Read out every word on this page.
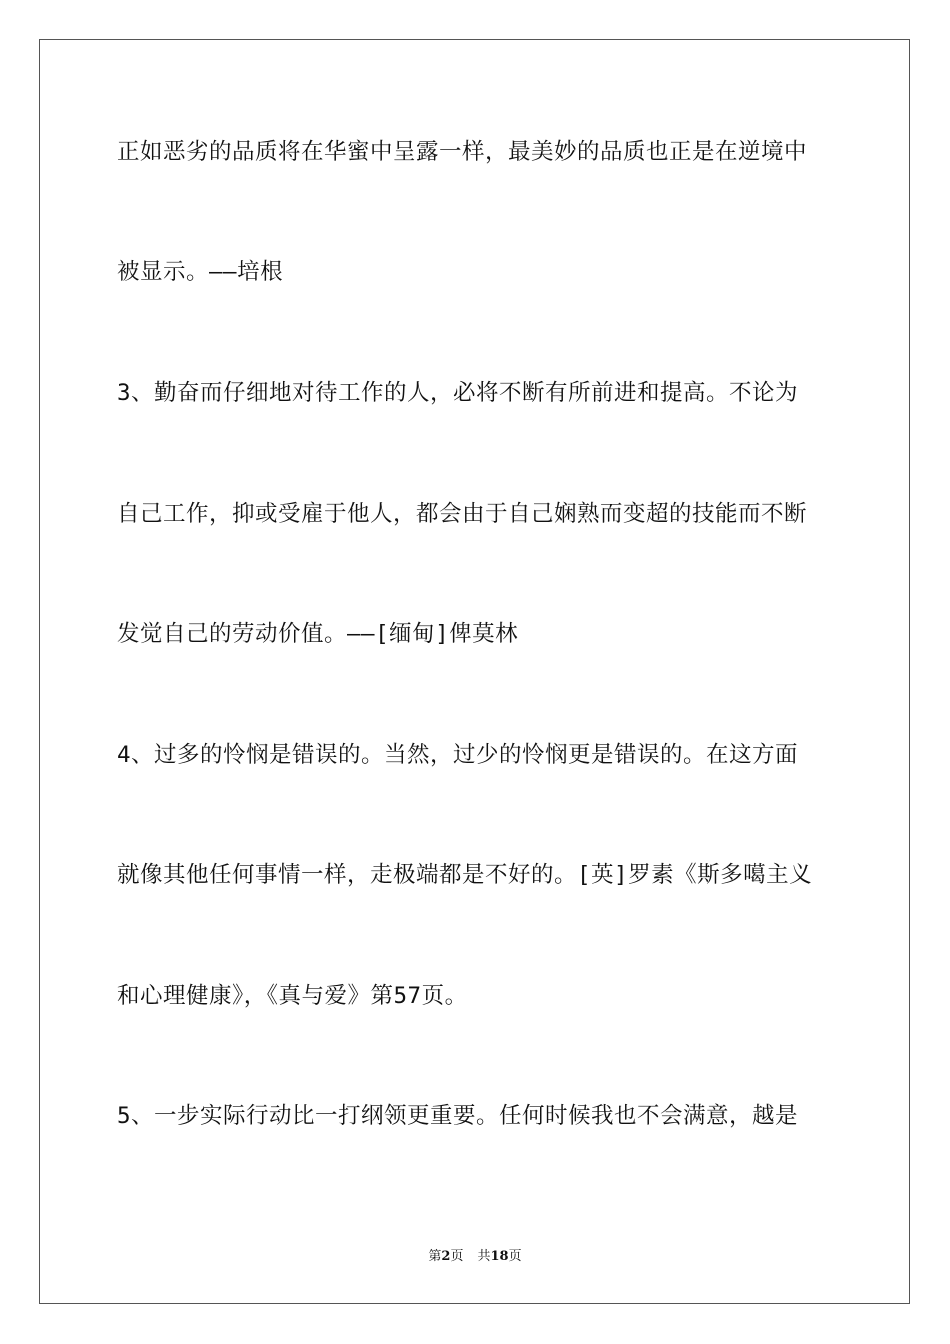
正如恶劣的品质将在华蜜中呈露一样，最美妙的品质也正是在逆境中
被显示。——培根
3、勤奋而仔细地对待工作的人，必将不断有所前进和提高。不论为
自己工作，抑或受雇于他人，都会由于自己娴熟而变超的技能而不断
发觉自己的劳动价值。——[缅甸]俾莫林
4、过多的怜悯是错误的。当然，过少的怜悯更是错误的。在这方面
就像其他任何事情一样，走极端都是不好的。[英]罗素《斯多噶主义
和心理健康》，《真与爱》第57页。
5、一步实际行动比一打纲领更重要。任何时候我也不会满意，越是
第2页 共18页
